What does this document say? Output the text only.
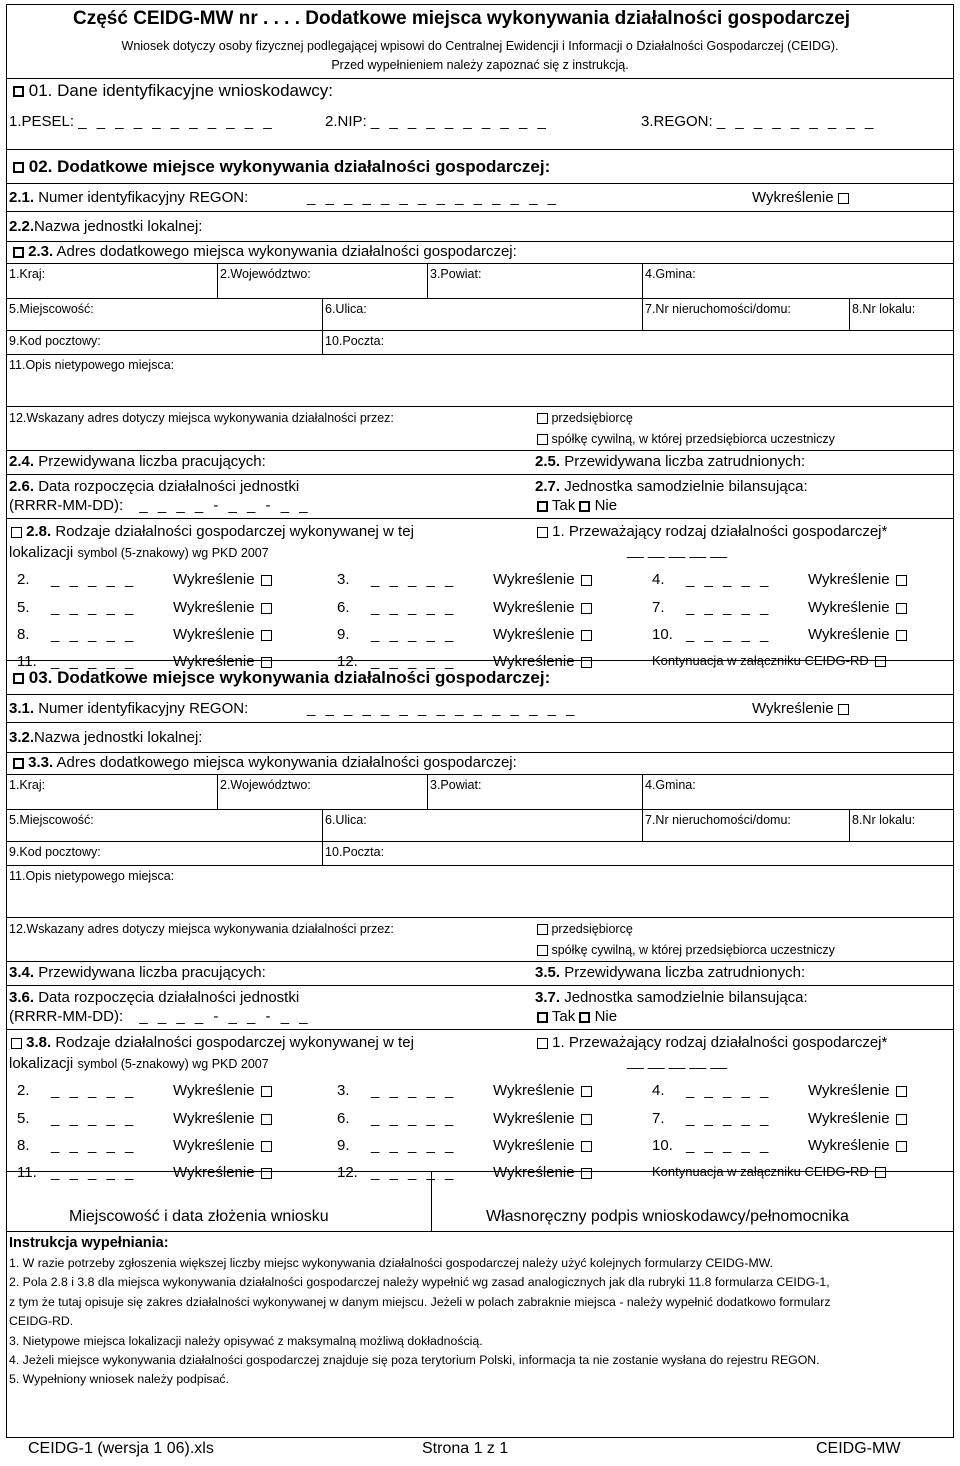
Część CEIDG-MW nr . . . . Dodatkowe miejsca wykonywania działalności gospodarczej
Wniosek dotyczy osoby fizycznej podlegającej wpisowi do Centralnej Ewidencji i Informacji o Działalności Gospodarczej (CEIDG).
Przed wypełnieniem należy zapoznać się z instrukcją.
01. Dane identyfikacyjne wnioskodawcy:
1.PESEL: _ _ _ _ _ _ _ _ _ _ _	2.NIP: _ _ _ _ _ _ _ _ _ _	3.REGON: _ _ _ _ _ _ _ _ _
02. Dodatkowe miejsce wykonywania działalności gospodarczej:
2.1. Numer identyfikacyjny REGON:	_ _ _ _ _ _ _ _ _ _ _ _ _ _	Wykreślenie
2.2.Nazwa jednostki lokalnej:
2.3. Adres dodatkowego miejsca wykonywania działalności gospodarczej:
1.Kraj:	2.Województwo:	3.Powiat:	4.Gmina:
5.Miejscowość:	6.Ulica:	7.Nr nieruchomości/domu:	8.Nr lokalu:
9.Kod pocztowy:	10.Poczta:
11.Opis nietypowego miejsca:
12.Wskazany adres dotyczy miejsca wykonywania działalności przez:	przedsiębiorcę
spółkę cywilną, w której przedsiębiorca uczestniczy
2.4. Przewidywana liczba pracujących:	2.5. Przewidywana liczba zatrudnionych:
2.6. Data rozpoczęcia działalności jednostki
(RRRR-MM-DD): _ _ _ _ - _ _ - _ _
2.7. Jednostka samodzielnie bilansująca:
Tak Nie
2.8. Rodzaje działalności gospodarczej wykonywanej w tej
lokalizacji symbol (5-znakowy) wg PKD 2007
1. Przeważający rodzaj działalności gospodarczej*
__ __ __ __ __
2. _ _ _ _ _ Wykreślenie	3. _ _ _ _ _ Wykreślenie	4. _ _ _ _ _ Wykreślenie
5. _ _ _ _ _ Wykreślenie	6. _ _ _ _ _ Wykreślenie	7. _ _ _ _ _ Wykreślenie
8. _ _ _ _ _ Wykreślenie	9. _ _ _ _ _ Wykreślenie	10. _ _ _ _ _ Wykreślenie
11. _ _ _ _ _ Wykreślenie	12. _ _ _ _ _ Wykreślenie	Kontynuacja w załączniku CEIDG-RD
03. Dodatkowe miejsce wykonywania działalności gospodarczej:
3.1. Numer identyfikacyjny REGON:	_ _ _ _ _ _ _ _ _ _ _ _ _ _ _	Wykreślenie
3.2.Nazwa jednostki lokalnej:
3.3. Adres dodatkowego miejsca wykonywania działalności gospodarczej:
1.Kraj:	2.Województwo:	3.Powiat:	4.Gmina:
5.Miejscowość:	6.Ulica:	7.Nr nieruchomości/domu:	8.Nr lokalu:
9.Kod pocztowy:	10.Poczta:
11.Opis nietypowego miejsca:
12.Wskazany adres dotyczy miejsca wykonywania działalności przez:	przedsiębiorcę
spółkę cywilną, w której przedsiębiorca uczestniczy
3.4. Przewidywana liczba pracujących:	3.5. Przewidywana liczba zatrudnionych:
3.6. Data rozpoczęcia działalności jednostki
(RRRR-MM-DD): _ _ _ _ - _ _ - _ _
3.7. Jednostka samodzielnie bilansująca:
Tak Nie
3.8. Rodzaje działalności gospodarczej wykonywanej w tej
lokalizacji symbol (5-znakowy) wg PKD 2007
1. Przeważający rodzaj działalności gospodarczej*
__ __ __ __ __
2. _ _ _ _ _ Wykreślenie	3. _ _ _ _ _ Wykreślenie	4. _ _ _ _ _ Wykreślenie
5. _ _ _ _ _ Wykreślenie	6. _ _ _ _ _ Wykreślenie	7. _ _ _ _ _ Wykreślenie
8. _ _ _ _ _ Wykreślenie	9. _ _ _ _ _ Wykreślenie	10. _ _ _ _ _ Wykreślenie
11. _ _ _ _ _ Wykreślenie	12. _ _ _ _ _ Wykreślenie	Kontynuacja w załączniku CEIDG-RD
Miejscowość i data złożenia wniosku	Własnoręczny podpis wnioskodawcy/pełnomocnika
Instrukcja wypełniania:
1. W razie potrzeby zgłoszenia większej liczby miejsc wykonywania działalności gospodarczej należy użyć kolejnych formularzy CEIDG-MW.
2. Pola 2.8 i 3.8 dla miejsca wykonywania działalności gospodarczej należy wypełnić wg zasad analogicznych jak dla rubryki 11.8 formularza CEIDG-1,
z tym że tutaj opisuje się zakres działalności wykonywanej w danym miejscu. Jeżeli w polach zabraknie miejsca - należy wypełnić dodatkowo formularz
CEIDG-RD.
3. Nietypowe miejsca lokalizacji należy opisywać z maksymalną możliwą dokładnością.
4. Jeżeli miejsce wykonywania działalności gospodarczej znajduje się poza terytorium Polski, informacja ta nie zostanie wysłana do rejestru REGON.
5. Wypełniony wniosek należy podpisać.
CEIDG-1 (wersja 1 06).xls	Strona 1 z 1	CEIDG-MW
